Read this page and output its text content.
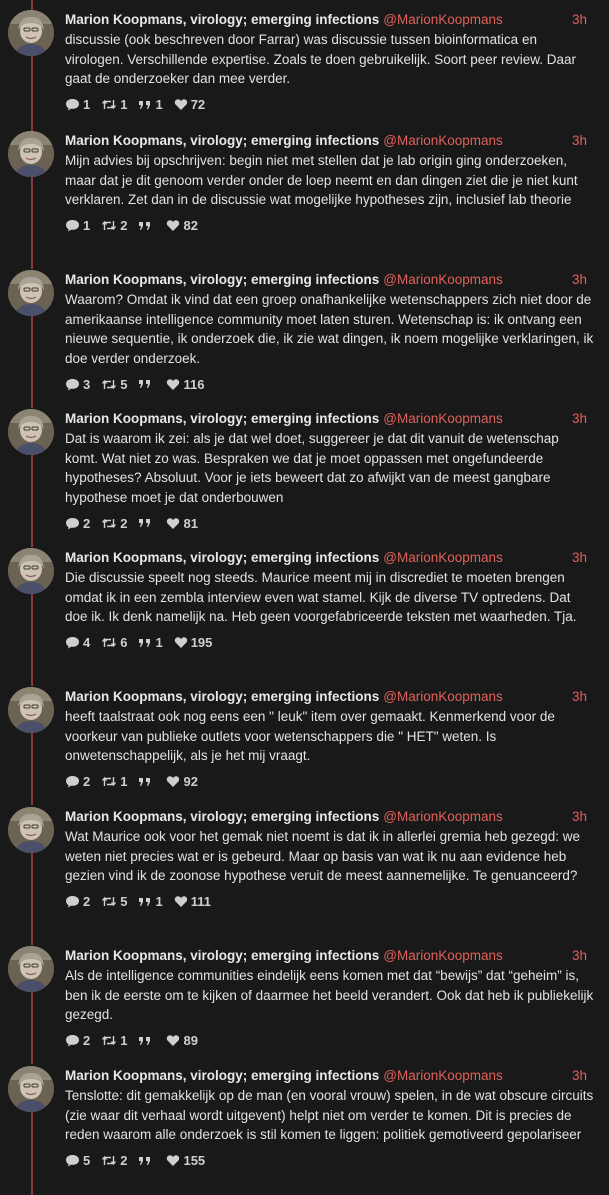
Marion Koopmans, virology; emerging infections @MarionKoopmans	3h
discussie (ook beschreven door Farrar) was discussie tussen bioinformatica en virologen. Verschillende expertise. Zoals te doen gebruikelijk. Soort peer review. Daar gaat de onderzoeker dan mee verder.
1 1 1 72
Marion Koopmans, virology; emerging infections @MarionKoopmans	3h
Mijn advies bij opschrijven: begin niet met stellen dat je lab origin ging onderzoeken, maar dat je dit genoom verder onder de loep neemt en dan dingen ziet die je niet kunt verklaren. Zet dan in de discussie wat mogelijke hypotheses zijn, inclusief lab theorie
1 2	82
Marion Koopmans, virology; emerging infections @MarionKoopmans	3h
Waarom? Omdat ik vind dat een groep onafhankelijke wetenschappers zich niet door de amerikaanse intelligence community moet laten sturen. Wetenschap is: ik ontvang een nieuwe sequentie, ik onderzoek die, ik zie wat dingen, ik noem mogelijke verklaringen, ik doe verder onderzoek.
3 5	116
Marion Koopmans, virology; emerging infections @MarionKoopmans	3h
Dat is waarom ik zei: als je dat wel doet, suggereer je dat dit vanuit de wetenschap komt. Wat niet zo was. Bespraken we dat je moet oppassen met ongefundeerde hypotheses? Absoluut. Voor je iets beweert dat zo afwijkt van de meest gangbare hypothese moet je dat onderbouwen
2 2	81
Marion Koopmans, virology; emerging infections @MarionKoopmans	3h
Die discussie speelt nog steeds. Maurice meent mij in discrediet te moeten brengen omdat ik in een zembla interview even wat stamel. Kijk de diverse TV optredens. Dat doe ik. Ik denk namelijk na. Heb geen voorgefabriceerde teksten met waarheden. Tja.
4 6 1 195
Marion Koopmans, virology; emerging infections @MarionKoopmans	3h
heeft taalstraat ook nog eens een " leuk" item over gemaakt. Kenmerkend voor de voorkeur van publieke outlets voor wetenschappers die " HET" weten. Is onwetenschappelijk, als je het mij vraagt.
2 1	92
Marion Koopmans, virology; emerging infections @MarionKoopmans	3h
Wat Maurice ook voor het gemak niet noemt is dat ik in allerlei gremia heb gezegd: we weten niet precies wat er is gebeurd. Maar op basis van wat ik nu aan evidence heb gezien vind ik de zoonose hypothese veruit de meest aannemelijke. Te genuanceerd?
2 5 1 111
Marion Koopmans, virology; emerging infections @MarionKoopmans	3h
Als de intelligence communities eindelijk eens komen met dat “bewijs” dat “geheim” is, ben ik de eerste om te kijken of daarmee het beeld verandert. Ook dat heb ik publiekelijk gezegd.
2 1	89
Marion Koopmans, virology; emerging infections @MarionKoopmans	3h
Tenslotte: dit gemakkelijk op de man (en vooral vrouw) spelen, in de wat obscure circuits (zie waar dit verhaal wordt uitgevent) helpt niet om verder te komen. Dit is precies de reden waarom alle onderzoek is stil komen te liggen: politiek gemotiveerd gepolariseer
5 2	155
